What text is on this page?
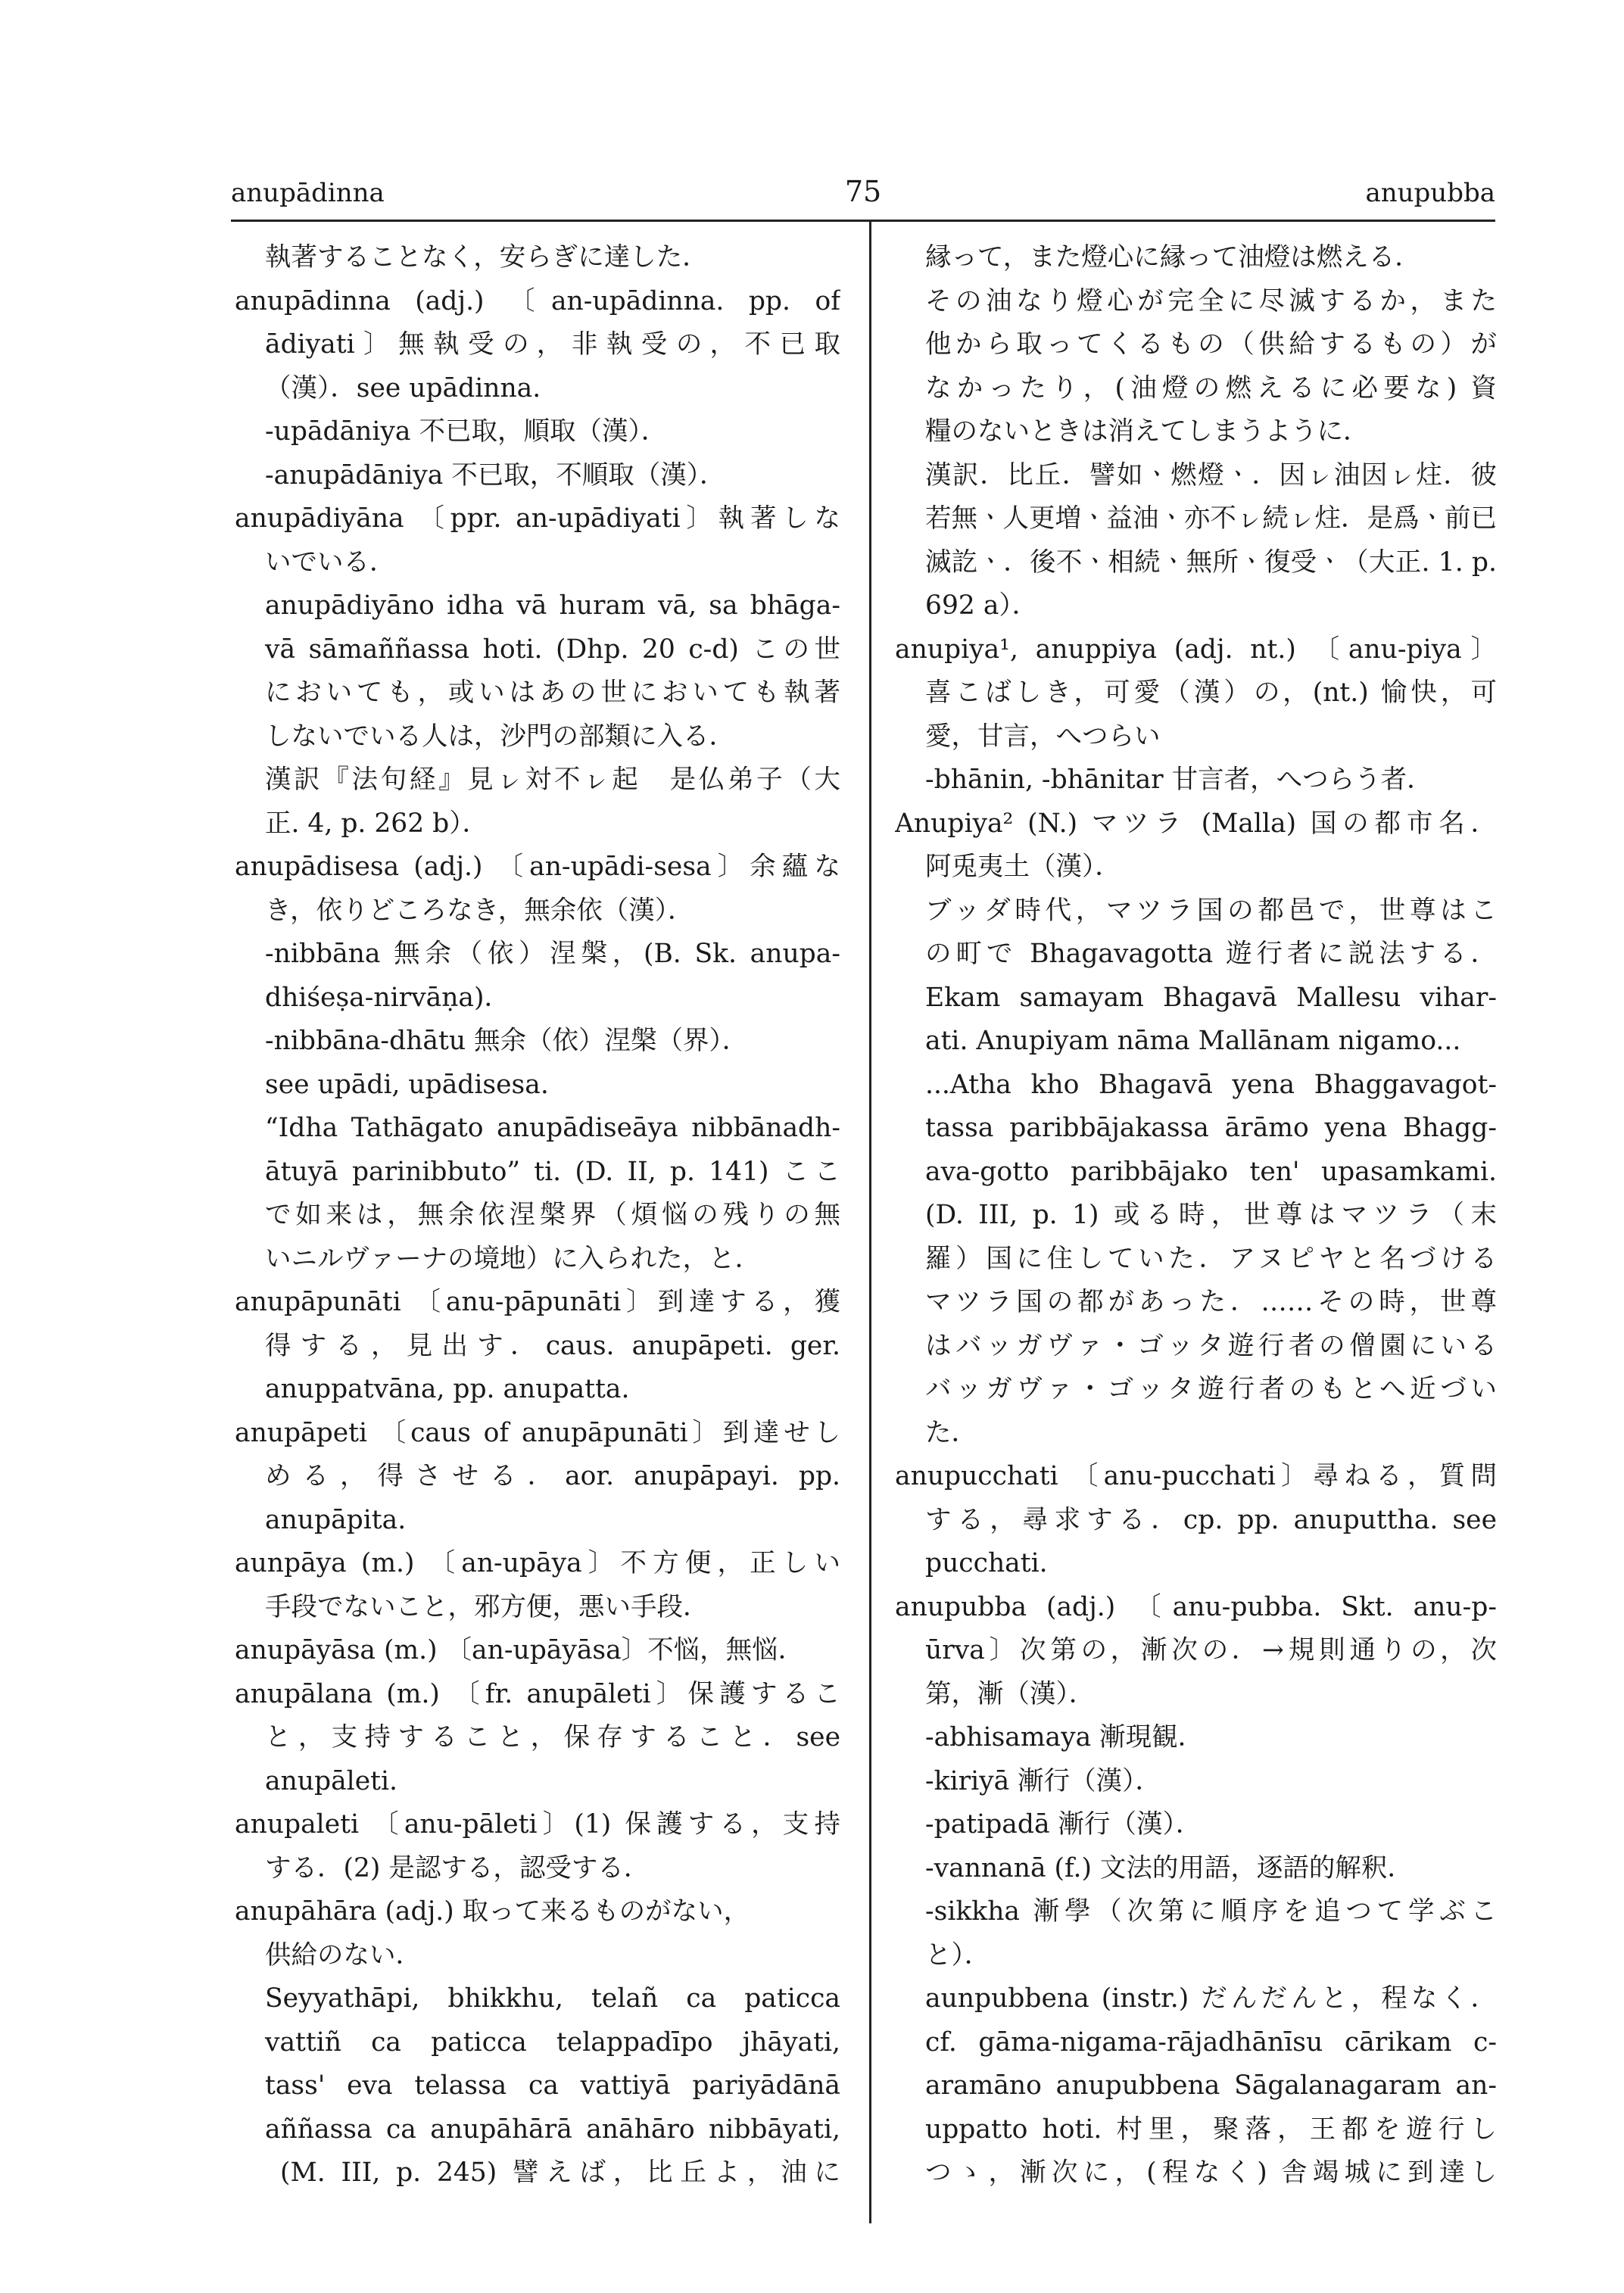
anupādinna	75	anupubba
執著することなく，安らぎに達した．
anupādinna (adj.) 〔an-upādinna. pp. of
ādiyati〕無執受の，非執受の，不已取
（漢）．see upādinna.
-upādāniya 不已取，順取（漢）．
-anupādāniya 不已取，不順取（漢）．
anupādiyāna 〔ppr. an-upādiyati〕執著しな
いでいる．
anupādiyāno idha vā huram vā, sa bhāga-
vā sāmaññassa hoti. (Dhp. 20 c-d) この世
においても，或いはあの世においても執著
しないでいる人は，沙門の部類に入る．
漢訳『法句経』見ㇾ対不ㇾ起　是仏弟子（大
正. 4, p. 262 b）．
anupādisesa (adj.) 〔an-upādi-sesa〕余蘊な
き，依りどころなき，無余依（漢）．
-nibbāna 無余（依）涅槃，(B. Sk. anupa-
dhiśeṣa-nirvāṇa)．
-nibbāna-dhātu 無余（依）涅槃（界）．
see upādi, upādisesa.
“Idha Tathāgato anupādiseāya nibbānadh-
ātuyā parinibbuto” ti. (D. II, p. 141) ここ
で如来は，無余依涅槃界（煩悩の残りの無
いニルヴァーナの境地）に入られた，と．
anupāpunāti 〔anu-pāpunāti〕到達する，獲
得する，見出す．caus. anupāpeti. ger.
anuppatvāna, pp. anupatta.
anupāpeti 〔caus of anupāpunāti〕到達せし
める，得させる．aor. anupāpayi. pp.
anupāpita.
aunpāya (m.) 〔an-upāya〕不方便，正しい
手段でないこと，邪方便，悪い手段．
anupāyāsa (m.) 〔an-upāyāsa〕不悩，無悩．
anupālana (m.) 〔fr. anupāleti〕保護するこ
と，支持すること，保存すること．see
anupāleti.
anupaleti 〔anu-pāleti〕(1) 保護する，支持
する．(2) 是認する，認受する．
anupāhāra (adj.) 取って来るものがない，
供給のない．
Seyyathāpi, bhikkhu, telañ ca paticca
vattiñ ca paticca telappadīpo jhāyati,
tass' eva telassa ca vattiyā pariyādānā
aññassa ca anupāhārā anāhāro nibbāyati,
(M. III, p. 245) 譬えば，比丘よ，油に
縁って，また燈心に縁って油燈は燃える．
その油なり燈心が完全に尽滅するか，また
他から取ってくるもの（供給するもの）が
なかったり，(油燈の燃えるに必要な) 資
糧のないときは消えてしまうように．
漢訳．比丘．譬如ㆍ燃燈ㆍ．因ㇾ油因ㇾ炷．彼
若無ㆍ人更増ㆍ益油ㆍ亦不ㇾ続ㇾ炷．是爲ㆍ前已
滅訖ㆍ．後不ㆍ相続ㆍ無所ㆍ復受ㆍ（大正. 1. p.
692 a）．
anupiya¹, anuppiya (adj. nt.) 〔anu-piya〕
喜こばしき，可愛（漢）の，(nt.) 愉快，可
愛，甘言，へつらい
-bhānin, -bhānitar 甘言者，へつらう者．
Anupiya² (N.) マツラ (Malla) 国の都市名．
阿兎夷土（漢）．
ブッダ時代，マツラ国の都邑で，世尊はこ
の町で Bhagavagotta 遊行者に説法する．
Ekam samayam Bhagavā Mallesu vihar-
ati. Anupiyam nāma Mallānam nigamo...
...Atha kho Bhagavā yena Bhaggavagot-
tassa paribbājakassa ārāmo yena Bhagg-
ava-gotto paribbājako ten' upasamkami.
(D. III, p. 1) 或る時，世尊はマツラ（末
羅）国に住していた．アヌピヤと名づける
マツラ国の都があった．……その時，世尊
はバッガヴァ・ゴッタ遊行者の僧園にいる
バッガヴァ・ゴッタ遊行者のもとへ近づい
た．
anupucchati 〔anu-pucchati〕尋ねる，質問
する，尋求する．cp. pp. anuputtha. see
pucchati.
anupubba (adj.) 〔anu-pubba. Skt. anu-p-
ūrva〕次第の，漸次の．→規則通りの，次
第，漸（漢）．
-abhisamaya 漸現観．
-kiriyā 漸行（漢）．
-patipadā 漸行（漢）．
-vannanā (f.) 文法的用語，逐語的解釈．
-sikkha 漸學（次第に順序を追つて学ぶこ
と）．
aunpubbena (instr.) だんだんと，程なく．
cf. gāma-nigama-rājadhānīsu cārikam c-
aramāno anupubbena Sāgalanagaram an-
uppatto hoti. 村里，聚落，王都を遊行し
つゝ，漸次に，(程なく) 舎竭城に到達し
